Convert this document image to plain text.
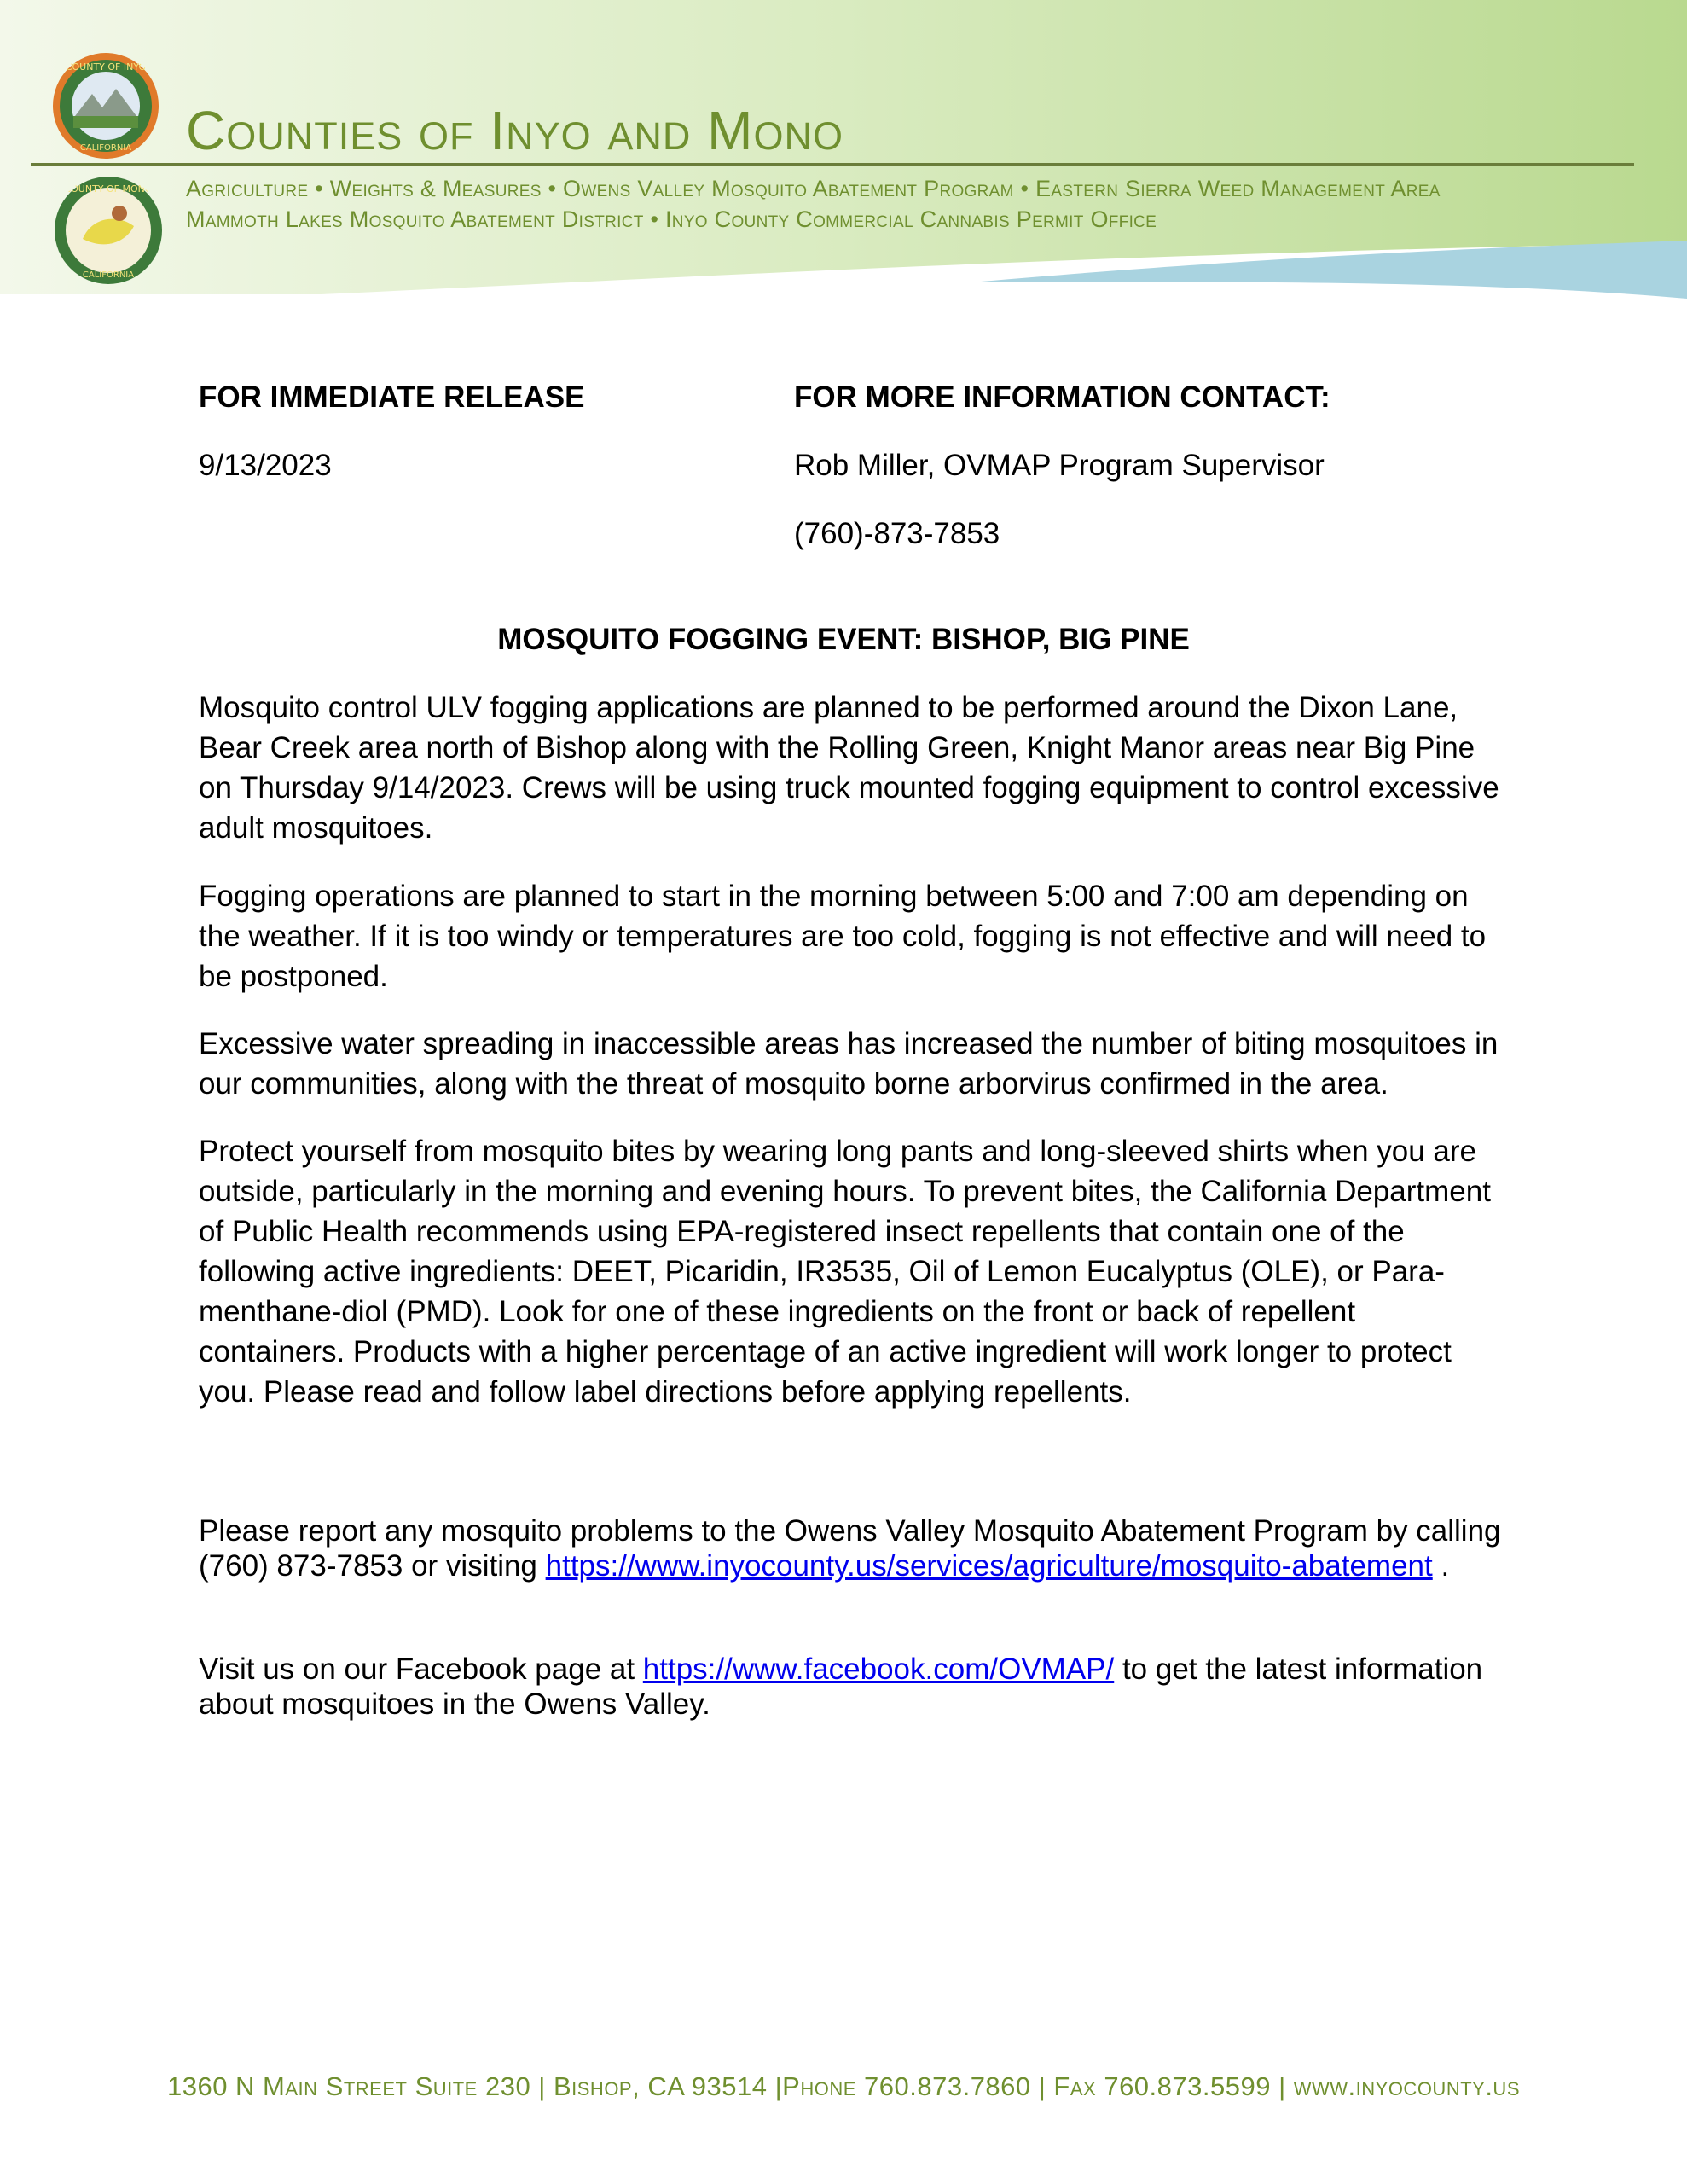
COUNTY OF INYO
CALIFORNIA
COUNTY OF MONO
CALIFORNIA
Counties of Inyo and Mono
Agriculture • Weights & Measures • Owens Valley Mosquito Abatement Program • Eastern Sierra Weed Management Area
Mammoth Lakes Mosquito Abatement District • Inyo County Commercial Cannabis Permit Office
FOR IMMEDIATE RELEASE
9/13/2023
FOR MORE INFORMATION CONTACT:
Rob Miller, OVMAP Program Supervisor
(760)-873-7853
MOSQUITO FOGGING EVENT: BISHOP, BIG PINE
Mosquito control ULV fogging applications are planned to be performed around the Dixon Lane, Bear Creek area north of Bishop along with the Rolling Green, Knight Manor areas near Big Pine on Thursday 9/14/2023. Crews will be using truck mounted fogging equipment to control excessive adult mosquitoes.
Fogging operations are planned to start in the morning between 5:00 and 7:00 am depending on the weather. If it is too windy or temperatures are too cold, fogging is not effective and will need to be postponed.
Excessive water spreading in inaccessible areas has increased the number of biting mosquitoes in our communities, along with the threat of mosquito borne arborvirus confirmed in the area.
Protect yourself from mosquito bites by wearing long pants and long-sleeved shirts when you are outside, particularly in the morning and evening hours. To prevent bites, the California Department of Public Health recommends using EPA-registered insect repellents that contain one of the following active ingredients: DEET, Picaridin, IR3535, Oil of Lemon Eucalyptus (OLE), or Para-menthane-diol (PMD). Look for one of these ingredients on the front or back of repellent containers. Products with a higher percentage of an active ingredient will work longer to protect you. Please read and follow label directions before applying repellents.
Please report any mosquito problems to the Owens Valley Mosquito Abatement Program by calling (760) 873-7853 or visiting https://www.inyocounty.us/services/agriculture/mosquito-abatement .
Visit us on our Facebook page at https://www.facebook.com/OVMAP/ to get the latest information about mosquitoes in the Owens Valley.
1360 N Main Street Suite 230 | Bishop, CA 93514 |Phone 760.873.7860 | Fax 760.873.5599 | www.inyocounty.us
